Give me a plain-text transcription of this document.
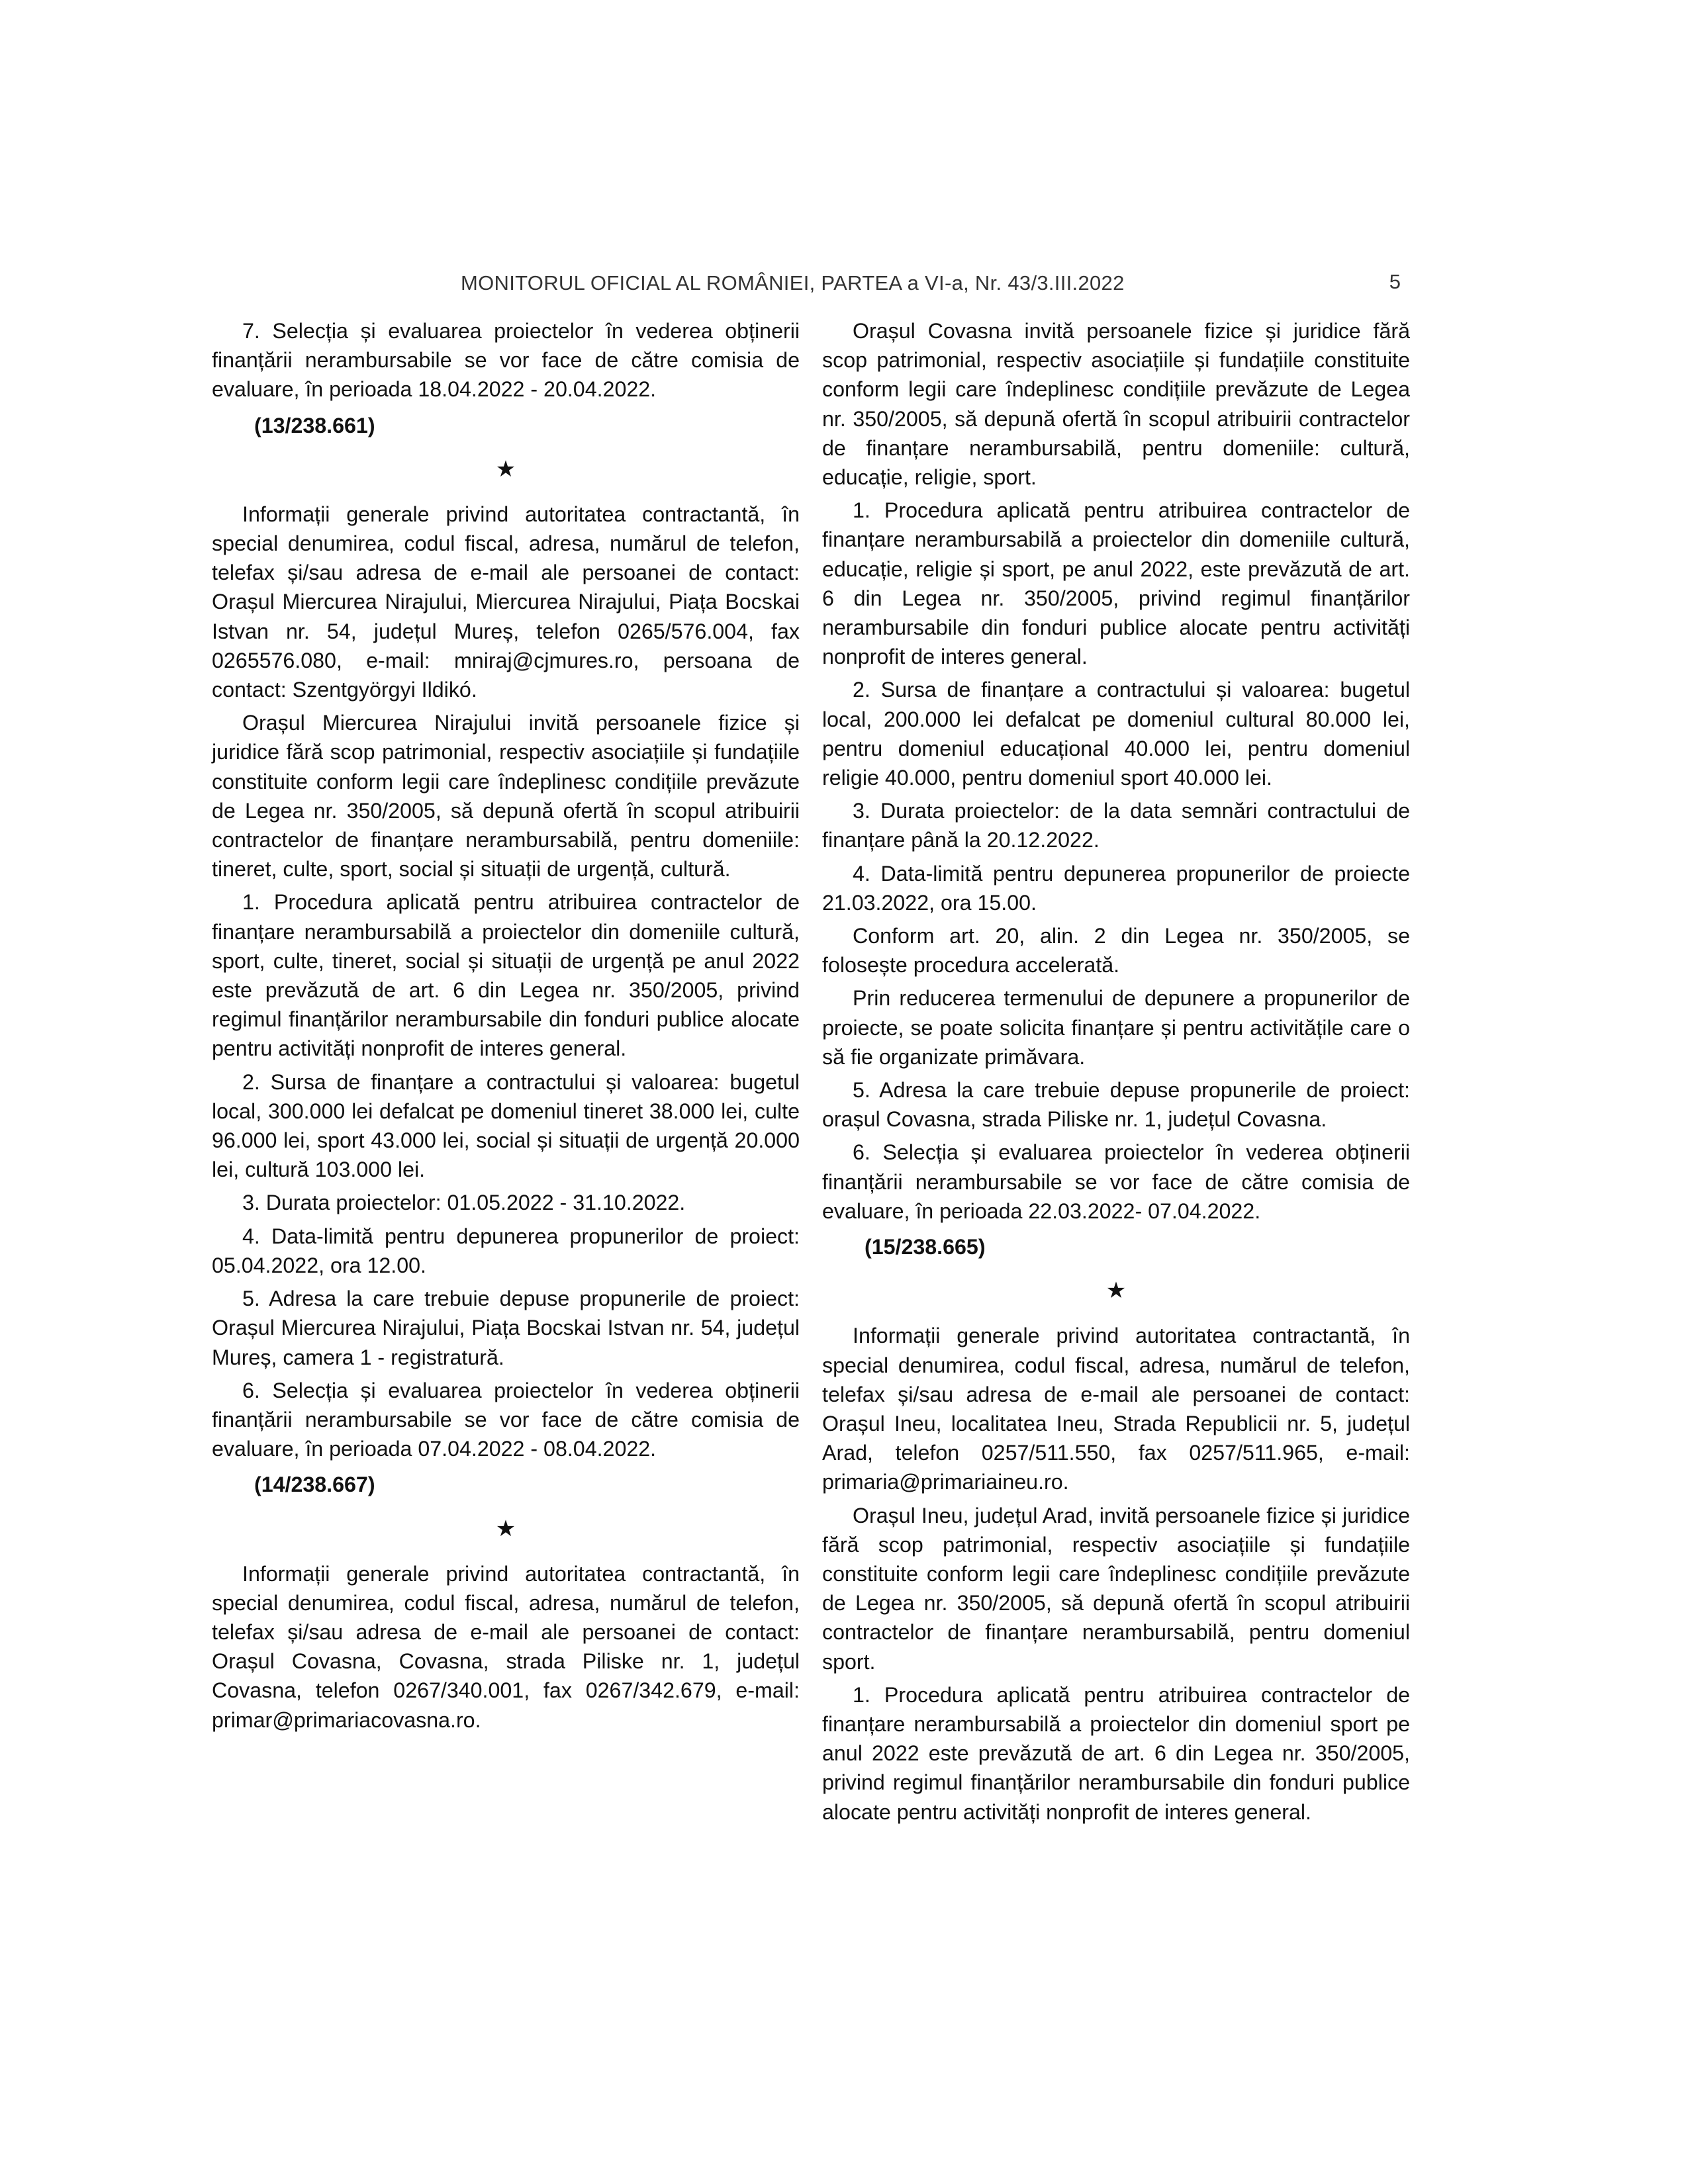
MONITORUL OFICIAL AL ROMÂNIEI, PARTEA a VI-a, Nr. 43/3.III.2022	5

7. Selecția și evaluarea proiectelor în vederea obținerii finanțării nerambursabile se vor face de către comisia de evaluare, în perioada 18.04.2022 - 20.04.2022.

(13/238.661)

★

Informații generale privind autoritatea contractantă, în special denumirea, codul fiscal, adresa, numărul de telefon, telefax și/sau adresa de e-mail ale persoanei de contact: Orașul Miercurea Nirajului, Miercurea Nirajului, Piața Bocskai Istvan nr. 54, județul Mureș, telefon 0265/576.004, fax 0265576.080, e-mail: mniraj@cjmures.ro, persoana de contact: Szentgyörgyi Ildikó.

Orașul Miercurea Nirajului invită persoanele fizice și juridice fără scop patrimonial, respectiv asociațiile și fundațiile constituite conform legii care îndeplinesc condițiile prevăzute de Legea nr. 350/2005, să depună ofertă în scopul atribuirii contractelor de finanțare nerambursabilă, pentru domeniile: tineret, culte, sport, social și situații de urgență, cultură.

1. Procedura aplicată pentru atribuirea contractelor de finanțare nerambursabilă a proiectelor din domeniile cultură, sport, culte, tineret, social și situații de urgență pe anul 2022 este prevăzută de art. 6 din Legea nr. 350/2005, privind regimul finanțărilor nerambursabile din fonduri publice alocate pentru activități nonprofit de interes general.

2. Sursa de finanțare a contractului și valoarea: bugetul local, 300.000 lei defalcat pe domeniul tineret 38.000 lei, culte 96.000 lei, sport 43.000 lei, social și situații de urgență 20.000 lei, cultură 103.000 lei.

3. Durata proiectelor: 01.05.2022 - 31.10.2022.

4. Data-limită pentru depunerea propunerilor de proiect: 05.04.2022, ora 12.00.

5. Adresa la care trebuie depuse propunerile de proiect: Orașul Miercurea Nirajului, Piața Bocskai Istvan nr. 54, județul Mureș, camera 1 - registratură.

6. Selecția și evaluarea proiectelor în vederea obținerii finanțării nerambursabile se vor face de către comisia de evaluare, în perioada 07.04.2022 - 08.04.2022.

(14/238.667)

★

Informații generale privind autoritatea contractantă, în special denumirea, codul fiscal, adresa, numărul de telefon, telefax și/sau adresa de e-mail ale persoanei de contact: Orașul Covasna, Covasna, strada Piliske nr. 1, județul Covasna, telefon 0267/340.001, fax 0267/342.679, e-mail: primar@primariacovasna.ro.

Orașul Covasna invită persoanele fizice și juridice fără scop patrimonial, respectiv asociațiile și fundațiile constituite conform legii care îndeplinesc condițiile prevăzute de Legea nr. 350/2005, să depună ofertă în scopul atribuirii contractelor de finanțare nerambursabilă, pentru domeniile: cultură, educație, religie, sport.

1. Procedura aplicată pentru atribuirea contractelor de finanțare nerambursabilă a proiectelor din domeniile cultură, educație, religie și sport, pe anul 2022, este prevăzută de art. 6 din Legea nr. 350/2005, privind regimul finanțărilor nerambursabile din fonduri publice alocate pentru activități nonprofit de interes general.

2. Sursa de finanțare a contractului și valoarea: bugetul local, 200.000 lei defalcat pe domeniul cultural 80.000 lei, pentru domeniul educațional 40.000 lei, pentru domeniul religie 40.000, pentru domeniul sport 40.000 lei.

3. Durata proiectelor: de la data semnări contractului de finanțare până la 20.12.2022.

4. Data-limită pentru depunerea propunerilor de proiecte 21.03.2022, ora 15.00.

Conform art. 20, alin. 2 din Legea nr. 350/2005, se folosește procedura accelerată.

Prin reducerea termenului de depunere a propunerilor de proiecte, se poate solicita finanțare și pentru activitățile care o să fie organizate primăvara.

5. Adresa la care trebuie depuse propunerile de proiect: orașul Covasna, strada Piliske nr. 1, județul Covasna.

6. Selecția și evaluarea proiectelor în vederea obținerii finanțării nerambursabile se vor face de către comisia de evaluare, în perioada 22.03.2022- 07.04.2022.

(15/238.665)

★

Informații generale privind autoritatea contractantă, în special denumirea, codul fiscal, adresa, numărul de telefon, telefax și/sau adresa de e-mail ale persoanei de contact: Orașul Ineu, localitatea Ineu, Strada Republicii nr. 5, județul Arad, telefon 0257/511.550, fax 0257/511.965, e-mail: primaria@primariaineu.ro.

Orașul Ineu, județul Arad, invită persoanele fizice și juridice fără scop patrimonial, respectiv asociațiile și fundațiile constituite conform legii care îndeplinesc condițiile prevăzute de Legea nr. 350/2005, să depună ofertă în scopul atribuirii contractelor de finanțare nerambursabilă, pentru domeniul sport.

1. Procedura aplicată pentru atribuirea contractelor de finanțare nerambursabilă a proiectelor din domeniul sport pe anul 2022 este prevăzută de art. 6 din Legea nr. 350/2005, privind regimul finanțărilor nerambursabile din fonduri publice alocate pentru activități nonprofit de interes general.
